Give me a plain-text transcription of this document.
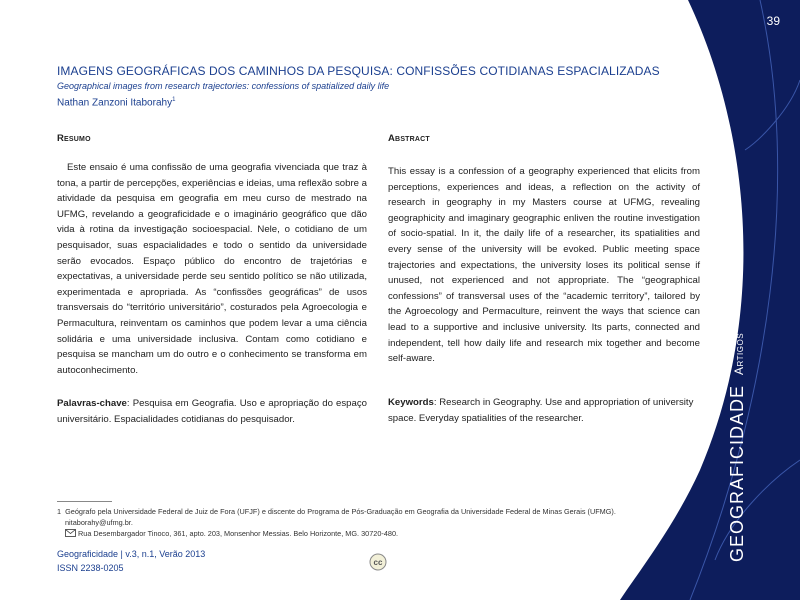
39
IMAGENS GEOGRÁFICAS DOS CAMINHOS DA PESQUISA: CONFISSÕES COTIDIANAS ESPACIALIZADAS
Geographical images from research trajectories: confessions of spatialized daily life
Nathan Zanzoni Itaborahy$^1$
Resumo	Abstract

Este ensaio é uma confissão de uma geografia vivenciada que traz à tona, a partir de percepções, experiências e ideias, uma reflexão sobre a atividade da pesquisa em geografia em meu curso de mestrado na UFMG, revelando a geograficidade e o imaginário geográfico que dão vida à rotina da investigação socioespacial. Nele, o cotidiano de um pesquisador, suas espacialidades e todo o sentido da universidade serão evocados. Espaço público do encontro de trajetórias e expectativas, a universidade perde seu sentido político se não utilizada, experimentada e apropriada. As “confissões geográficas” de usos transversais do “território universitário”, costurados pela Agroecologia e Permacultura, reinventam os caminhos que podem levar a uma ciência solidária e uma universidade inclusiva. Contam como cotidiano e pesquisa se mancham um do outro e o conhecimento se transforma em autoconhecimento.

This essay is a confession of a geography experienced that elicits from perceptions, experiences and ideas, a reflection on the activity of research in geography in my Masters course at UFMG, revealing geographicity and imaginary geographic enliven the routine investigation of socio-spatial. In it, the daily life of a researcher, its spatialities and every sense of the university will be evoked. Public meeting space trajectories and expectations, the university loses its political sense if unused, not experienced and not appropriate. The “geographical confessions” of transversal uses of the “academic territory”, tailored by the Agroecology and Permaculture, reinvent the ways that science can lead to a supportive and inclusive university. Its parts, connected and independent, tell how daily life and research mix together and become self-aware.

Palavras-chave: Pesquisa em Geografia. Uso e apropriação do espaço universitário. Espacialidades cotidianas do pesquisador.
Keywords: Research in Geography. Use and appropriation of university space. Everyday spatialities of the researcher.
1 Geógrafo pela Universidade Federal de Juiz de Fora (UFJF) e discente do Programa de Pós-Graduação em Geografia da Universidade Federal de Minas Gerais (UFMG).
nitaborahy@ufmg.br.
Rua Desembargador Tinoco, 361, apto. 203, Monsenhor Messias. Belo Horizonte, MG. 30720-480.
Geograficidade | v.3, n.1, Verão 2013
ISSN 2238-0205
cc
GEOGRAFICIDADEArtigos
